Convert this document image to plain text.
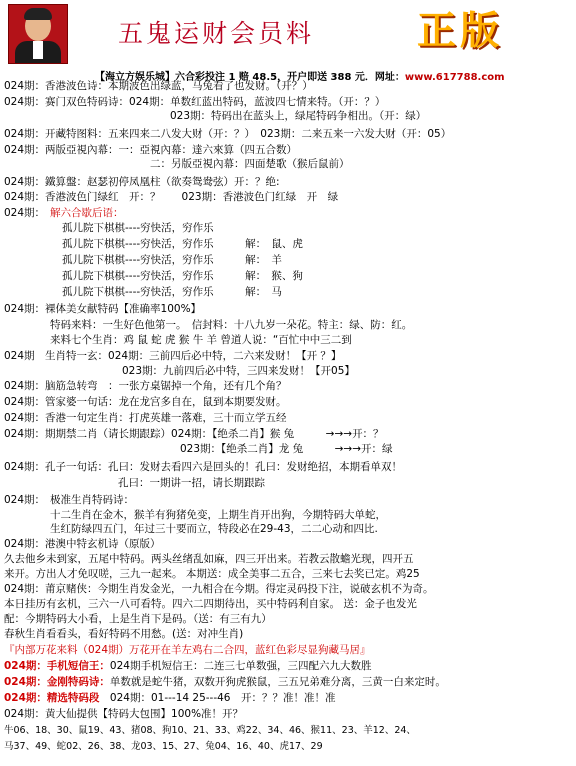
五鬼运财会员料	正版
【海立方娱乐城】六合彩投注 1 赔 48.5，开户即送 388 元．网址：www.617788.com
024期：香港波色诗：本期波色出绿蓝，马兔看了也发财。（开？）
024期：赛门双色特码诗：024期：单数红蓝出特码，蓝波四七情来特。（开：？）
023期：特码出在蓝头上，绿尾特码争相出。（开：绿）
024期：开藏特图料：五来四来二八发大财（开：？）　023期：二来五来一六发大财（开：05）
024期：两版亞視內幕：一：亞視內幕：達六來算（四五合数）
二：另版亞視內幕：四面楚歌（猴后鼠前）
024期：鐵算盤：赵瑟初停凤凰柱（欲奏鸳鸯弦）开：？绝:
024期：香港波色门绿红　开：？　　023期：香港波色门红绿　开　绿
024期： 解六合歇后语：
孤儿院下棋棋----穷快活，穷作乐
孤儿院下棋棋----穷快活，穷作乐　　　解：　鼠、虎
孤儿院下棋棋----穷快活，穷作乐　　　解：　羊
孤儿院下棋棋----穷快活，穷作乐　　　解：　猴、狗
孤儿院下棋棋----穷快活，穷作乐　　　解：　马
024期：裸体美女献特码【准确率100%】
特码来料：一生好色他第一。　信封料：十八九岁一朵花。特主：绿、防：红。
来料七个生肖：鸡 鼠 蛇 虎 猴 牛 羊 曾道人说：“百忙中中三二到
024期　生肖特一玄：024期：三前四后必中特，二六来发财！【开 ？】
023期：九前四后必中特，三四来发财！【开05】
024期：脑筋急转弯　：一张方桌锯掉一个角，还有几个角？
024期：管家婆一句话：龙在龙宫多自在，鼠到本期要发财。
024期：香港一句定生肖：打虎英雄一落难，三十而立学五经
024期：期期禁二肖（请长期跟踪）024期：【绝杀二肖】猴 兔　　　→→→开：？
023期：【绝杀二肖】龙 兔　　　→→→开：绿
024期：孔子一句话：孔曰：发财去看四六是回头的！孔曰：发财绝招，本期看单双！
孔曰：一期讲一招，请长期跟踪
024期： 极准生肖特码诗：
十二生肖在金木，猴羊有狗猪免变，上期生肖开出狗，今期特码大单蛇，
生红防绿四五门，年过三十要而立，特段必在29-43，二二心动和四比.
024期：港澳中特玄机诗（原版）
久去他乡未到家，五尾中特码。两头丝绪乱如麻，四三开出来。若教云散蟾光现，四开五
来开。方出人才免叹嗟，三九一起来。 本期送：成全美事二五合，三来七去奖已定。鸡25
024期：莆京赌侠：今期生肖发金光，一九相合在今期。得定灵码投下注，说破玄机不为奇。
本日挂历有玄机，三六一八可看特。四六二四期待出，买中特码利自家。 送：金子也发光
配：今期特码大小看，上是生肖下是码。（送：有三有九）
春秋生肖看看头，看好特码不用愁。(送：对冲生肖)
『内部万花来料（024期）万花开在羊左鸡右二合四，蓝红色彩尽显狗藏马居』
024期：手机短信王：024期手机短信王：二连三七单数强，三四配六九大数胜
024期：金刚特码诗：单数就是蛇牛猪，双数开狗虎猴鼠，三五兄弟难分离，三黄一白来定时。
024期：精选特码段　024期：01---14 25---46　开：？？准！准！准
024期：黄大仙提供【特码大包围】100%准！开？
牛06、18、30、鼠19、43、猪08、狗10、21、33、鸡22、34、46、猴11、23、羊12、24、
马37、49、蛇02、26、38、龙03、15、27、兔04、16、40、虎17、29
